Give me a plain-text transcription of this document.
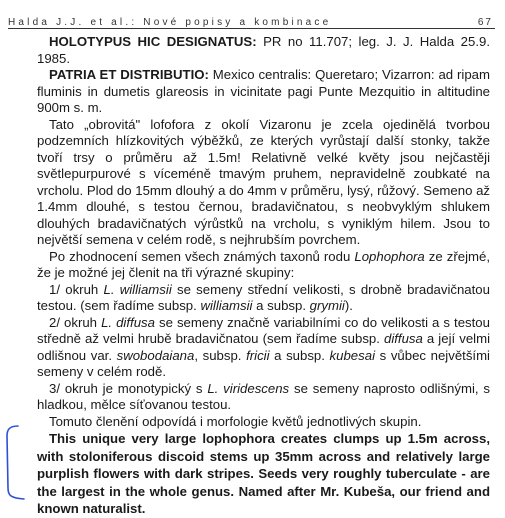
Halda J.J. et al.: Nové popisy a kombinace	67

HOLOTYPUS HIC DESIGNATUS: PR no 11.707; leg. J. J. Halda 25.9. 1985.

PATRIA ET DISTRIBUTIO: Mexico centralis: Queretaro; Vizarron: ad ripam fluminis in dumetis glareosis in vicinitate pagi Punte Mezquitio in altitudine 900m s. m.

Tato „obrovitá" lofofora z okolí Vizaronu je zcela ojedinělá tvorbou podzemních hlízkovitých výběžků, ze kterých vyrůstají další stonky, takže tvoří trsy o průměru až 1.5m! Relativně velké květy jsou nejčastěji světlepurpurové s víceméně tmavým pruhem, nepravidelně zoubkaté na vrcholu. Plod do 15mm dlouhý a do 4mm v průměru, lysý, růžový. Semeno až 1.4mm dlouhé, s testou černou, bradavičnatou, s neobvyklým shlukem dlouhých bradavičnatých výrůstků na vrcholu, s vyniklým hilem. Jsou to největší semena v celém rodě, s nejhrubším povrchem.

Po zhodnocení semen všech známých taxonů rodu Lophophora ze zřejmé, že je možné jej členit na tři výrazné skupiny:

1/ okruh L. williamsii se semeny střední velikosti, s drobně bradavičnatou testou. (sem řadíme subsp. williamsii a subsp. grymii).

2/ okruh L. diffusa se semeny značně variabilními co do velikosti a s testou středně až velmi hrubě bradavičnatou (sem řadíme subsp. diffusa a její velmi odlišnou var. swobodaiana, subsp. fricii a subsp. kubesai s vůbec největšími semeny v celém rodě.

3/ okruh je monotypický s L. viridescens se semeny naprosto odlišnými, s hladkou, mělce síťovanou testou.

Tomuto členění odpovídá i morfologie květů jednotlivých skupin.

This unique very large lophophora creates clumps up 1.5m across, with stoloniferous discoid stems up 35mm across and relatively large purplish flowers with dark stripes. Seeds very roughly tuberculate - are the largest in the whole genus. Named after Mr. Kubeša, our friend and known naturalist.
